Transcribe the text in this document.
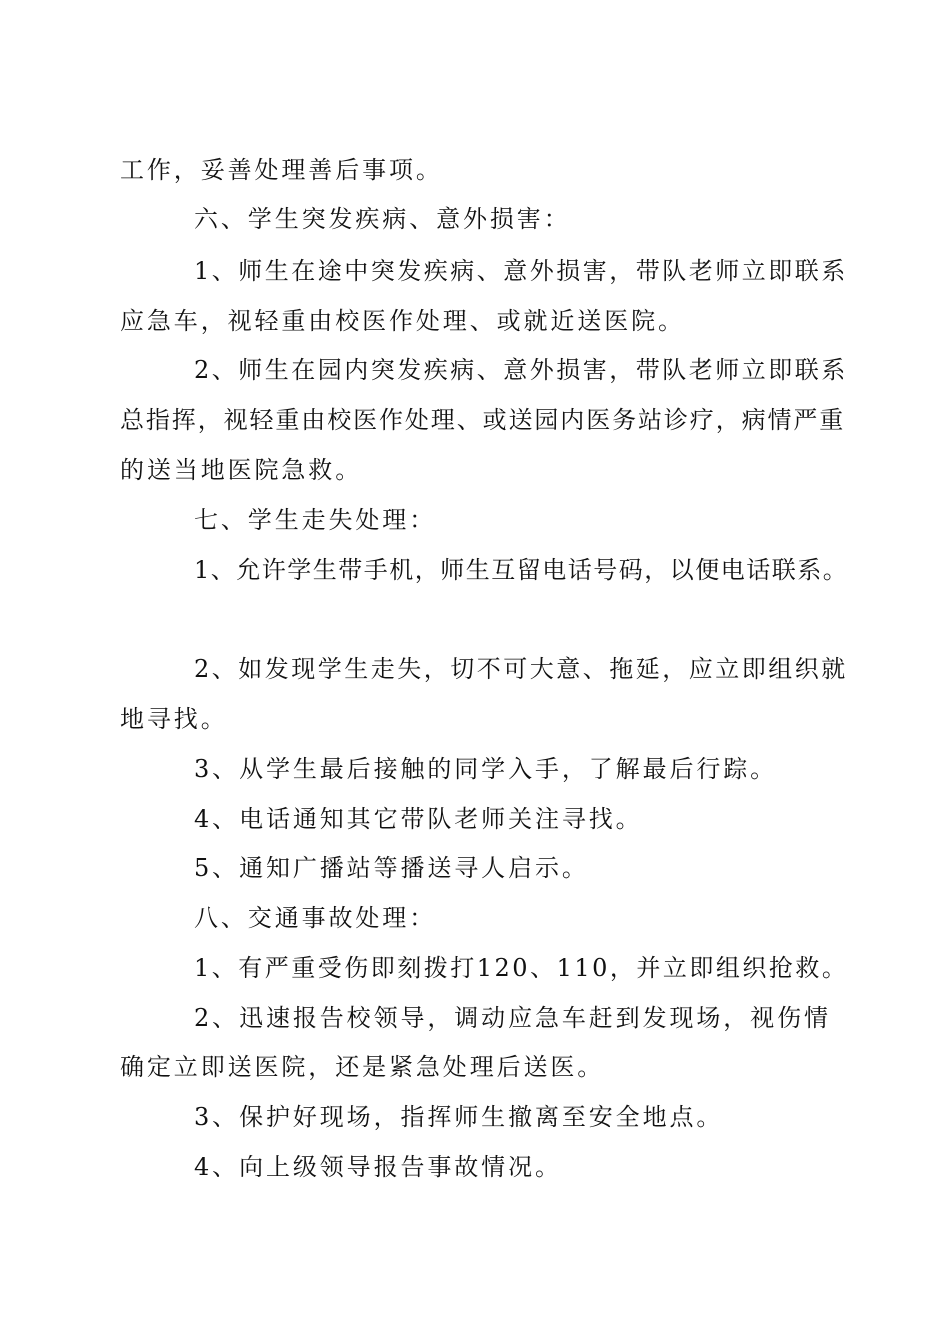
工作，妥善处理善后事项。

六、学生突发疾病、意外损害：

1、师生在途中突发疾病、意外损害，带队老师立即联系

应急车，视轻重由校医作处理、或就近送医院。

2、师生在园内突发疾病、意外损害，带队老师立即联系

总指挥，视轻重由校医作处理、或送园内医务站诊疗，病情严重

的送当地医院急救。

七、学生走失处理：

1、允许学生带手机，师生互留电话号码，以便电话联系。

2、如发现学生走失，切不可大意、拖延，应立即组织就

地寻找。

3、从学生最后接触的同学入手，了解最后行踪。

4、电话通知其它带队老师关注寻找。

5、通知广播站等播送寻人启示。

八、交通事故处理：

1、有严重受伤即刻拨打120、110，并立即组织抢救。

2、迅速报告校领导，调动应急车赶到发现场，视伤情

确定立即送医院，还是紧急处理后送医。

3、保护好现场，指挥师生撤离至安全地点。

4、向上级领导报告事故情况。
